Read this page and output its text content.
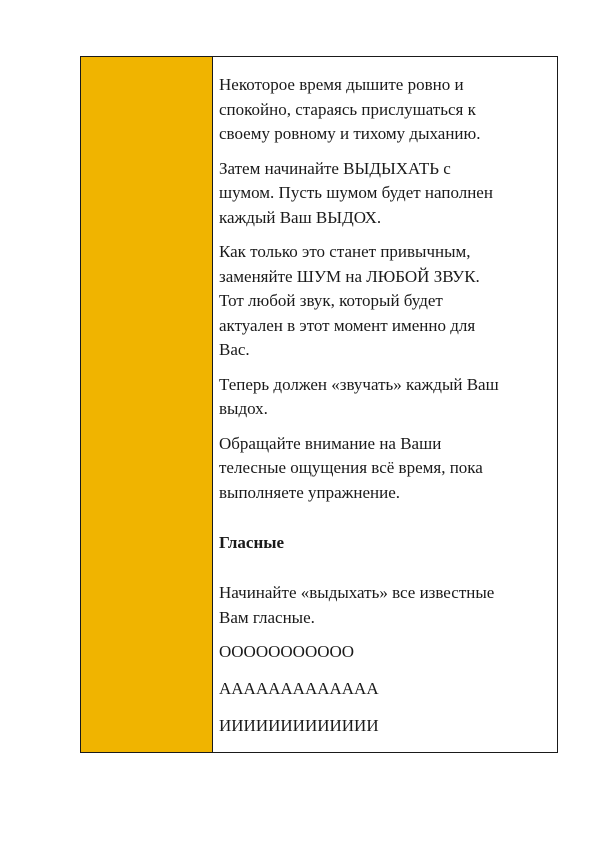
Некоторое время дышите ровно и
спокойно, стараясь прислушаться к
своему ровному и тихому дыханию.

Затем начинайте ВЫДЫХАТЬ с
шумом. Пусть шумом будет наполнен
каждый Ваш ВЫДОХ.

Как только это станет привычным,
заменяйте ШУМ на ЛЮБОЙ ЗВУК.
Тот любой звук, который будет
актуален в этот момент именно для
Вас.

Теперь должен «звучать» каждый Ваш
выдох.

Обращайте внимание на Ваши
телесные ощущения всё время, пока
выполняете упражнение.

Гласные

Начинайте «выдыхать» все известные
Вам гласные.

ООООООООООО

ААААААААААААА

ИИИИИИИИИИИИИ
